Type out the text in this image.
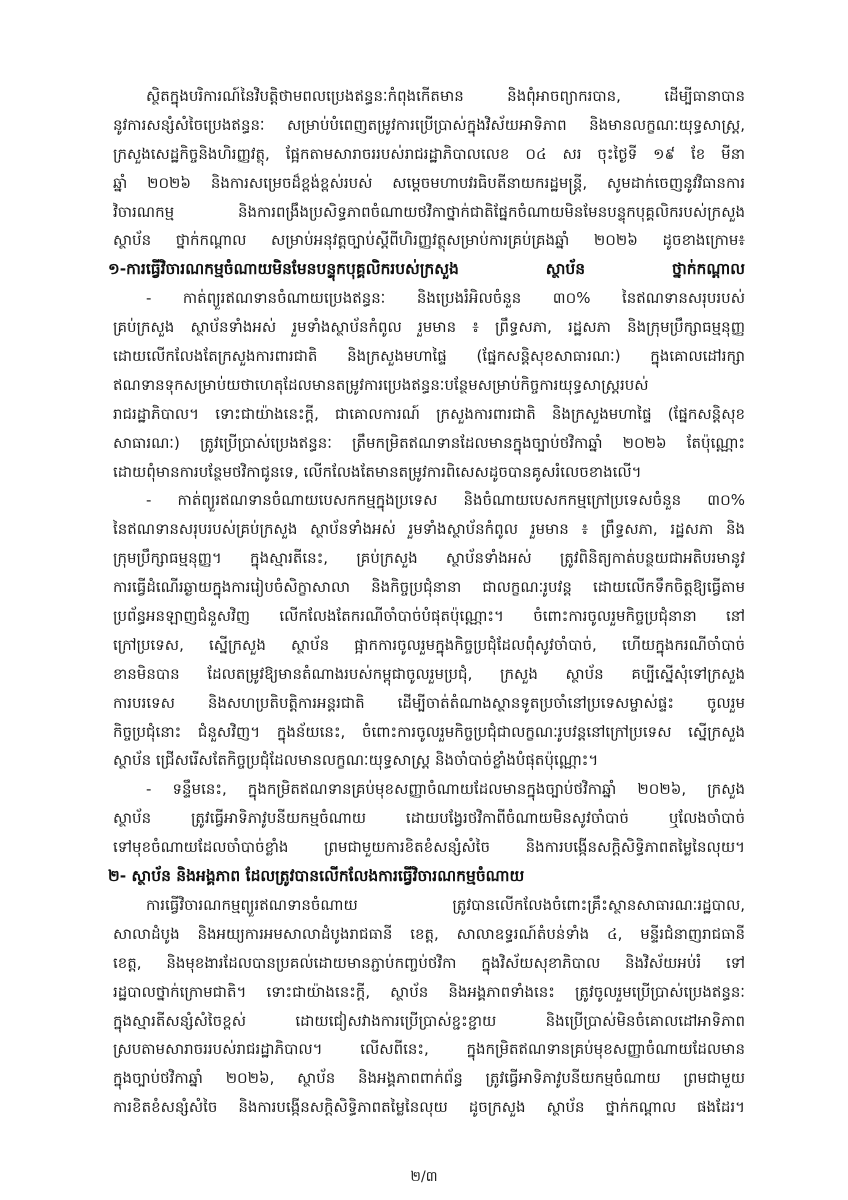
ស្ថិតក្នុងបរិការណ៍នៃវិបត្តិថាមពលប្រេងឥន្ធនៈកំពុងកើតមាន និងពុំអាចព្យាករបាន, ដើម្បីធានាបាន
នូវការសន្សំសំចៃប្រេងឥន្ធនៈ សម្រាប់បំពេញតម្រូវការប្រើប្រាស់ក្នុងវិស័យអាទិភាព និងមានលក្ខណៈយុទ្ធសាស្ត្រ,
ក្រសួងសេដ្ឋកិច្ចនិងហិរញ្ញវត្ថុ, ផ្អែកតាមសារាចររបស់រាជរដ្ឋាភិបាលលេខ ០៤ សរ ចុះថ្ងៃទី ១៩ ខែ មីនា
ឆ្នាំ ២០២៦ និងការសម្រេចដ៏ខ្ពង់ខ្ពស់របស់ សម្តេចមហាបវរធិបតីនាយករដ្ឋមន្ត្រី, សូមដាក់ចេញនូវវិធានការ
វិចារណកម្ម និងការពង្រឹងប្រសិទ្ធភាពចំណាយថវិកាថ្នាក់ជាតិផ្នែកចំណាយមិនមែនបន្ទុកបុគ្គលិករបស់ក្រសួង
ស្ថាប័ន ថ្នាក់កណ្តាល សម្រាប់អនុវត្តច្បាប់ស្តីពីហិរញ្ញវត្ថុសម្រាប់ការគ្រប់គ្រងឆ្នាំ ២០២៦ ដូចខាងក្រោម៖
១-ការធ្វើវិចារណកម្មចំណាយមិនមែនបន្ទុកបុគ្គលិករបស់ក្រសួង ស្ថាប័ន ថ្នាក់កណ្តាល
- កាត់ព្យួរឥណទានចំណាយប្រេងឥន្ធនៈ និងប្រេងរំអិលចំនួន ៣០% នៃឥណទានសរុបរបស់
គ្រប់ក្រសួង ស្ថាប័នទាំងអស់ រួមទាំងស្ថាប័នកំពូល រួមមាន ៖ ព្រឹទ្ធសភា, រដ្ឋសភា និងក្រុមប្រឹក្សាធម្មនុញ្ញ
ដោយលើកលែងតែក្រសួងការពារជាតិ និងក្រសួងមហាផ្ទៃ (ផ្នែកសន្តិសុខសាធារណៈ) ក្នុងគោលដៅរក្សា
ឥណទានទុកសម្រាប់យថាហេតុដែលមានតម្រូវការប្រេងឥន្ធនៈបន្ថែមសម្រាប់កិច្ចការយុទ្ធសាស្ត្ររបស់
រាជរដ្ឋាភិបាល។ ទោះជាយ៉ាងនេះក្តី, ជាគោលការណ៍ ក្រសួងការពារជាតិ និងក្រសួងមហាផ្ទៃ (ផ្នែកសន្តិសុខ
សាធារណៈ) ត្រូវប្រើប្រាស់ប្រេងឥន្ធនៈ ត្រឹមកម្រិតឥណទានដែលមានក្នុងច្បាប់ថវិកាឆ្នាំ ២០២៦ តែប៉ុណ្ណោះ
ដោយពុំមានការបន្ថែមថវិកាជូនទេ, លើកលែងតែមានតម្រូវការពិសេសដូចបានគូសរំលេចខាងលើ។
- កាត់ព្យួរឥណទានចំណាយបេសកកម្មក្នុងប្រទេស និងចំណាយបេសកកម្មក្រៅប្រទេសចំនួន ៣០%
នៃឥណទានសរុបរបស់គ្រប់ក្រសួង ស្ថាប័នទាំងអស់ រួមទាំងស្ថាប័នកំពូល រួមមាន ៖ ព្រឹទ្ធសភា, រដ្ឋសភា និង
ក្រុមប្រឹក្សាធម្មនុញ្ញ។ ក្នុងស្មារតីនេះ, គ្រប់ក្រសួង ស្ថាប័នទាំងអស់ ត្រូវពិនិត្យកាត់បន្ថយជាអតិបរមានូវ
ការធ្វើដំណើរឆ្ងាយក្នុងការរៀបចំសិក្ខាសាលា និងកិច្ចប្រជុំនានា ជាលក្ខណៈរូបវន្ត ដោយលើកទឹកចិត្តឱ្យធ្វើតាម
ប្រព័ន្ធអនឡាញជំនួសវិញ លើកលែងតែករណីចាំបាច់បំផុតប៉ុណ្ណោះ។ ចំពោះការចូលរួមកិច្ចប្រជុំនានា នៅ
ក្រៅប្រទេស, ស្នើក្រសួង ស្ថាប័ន ផ្អាកការចូលរួមក្នុងកិច្ចប្រជុំដែលពុំសូវចាំបាច់, ហើយក្នុងករណីចាំបាច់
ខានមិនបាន ដែលតម្រូវឱ្យមានតំណាងរបស់កម្ពុជាចូលរួមប្រជុំ, ក្រសួង ស្ថាប័ន គប្បីស្នើសុំទៅក្រសួង
ការបរទេស និងសហប្រតិបត្តិការអន្តរជាតិ ដើម្បីចាត់តំណាងស្ថានទូតប្រចាំនៅប្រទេសម្ចាស់ផ្ទះ ចូលរួម
កិច្ចប្រជុំនោះ ជំនួសវិញ។ ក្នុងន័យនេះ, ចំពោះការចូលរួមកិច្ចប្រជុំជាលក្ខណៈរូបវន្តនៅក្រៅប្រទេស ស្នើក្រសួង
ស្ថាប័ន ជ្រើសរើសតែកិច្ចប្រជុំដែលមានលក្ខណៈយុទ្ធសាស្ត្រ និងចាំបាច់ខ្លាំងបំផុតប៉ុណ្ណោះ។
- ទន្ទឹមនេះ, ក្នុងកម្រិតឥណទានគ្រប់មុខសញ្ញាចំណាយដែលមានក្នុងច្បាប់ថវិកាឆ្នាំ ២០២៦, ក្រសួង
ស្ថាប័ន ត្រូវធ្វើអាទិភាវូបនីយកម្មចំណាយ ដោយបង្វែរថវិកាពីចំណាយមិនសូវចាំបាច់ ឬលែងចាំបាច់
ទៅមុខចំណាយដែលចាំបាច់ខ្លាំង ព្រមជាមួយការខិតខំសន្សំសំចៃ និងការបង្កើនសក្តិសិទ្ធិភាពតម្លៃនៃលុយ។
២- ស្ថាប័ន និងអង្គភាព ដែលត្រូវបានលើកលែងការធ្វើវិចារណកម្មចំណាយ
ការធ្វើវិចារណកម្មព្យួរឥណទានចំណាយ ត្រូវបានលើកលែងចំពោះគ្រឹះស្ថានសាធារណៈរដ្ឋបាល,
សាលាដំបូង និងអយ្យការអមសាលាដំបូងរាជធានី ខេត្ត, សាលាឧទ្ធរណ៍តំបន់ទាំង ៤, មន្ទីរជំនាញរាជធានី
ខេត្ត, និងមុខងារដែលបានប្រគល់ដោយមានភ្ជាប់កញ្ចប់ថវិកា ក្នុងវិស័យសុខាភិបាល និងវិស័យអប់រំ ទៅ
រដ្ឋបាលថ្នាក់ក្រោមជាតិ។ ទោះជាយ៉ាងនេះក្តី, ស្ថាប័ន និងអង្គភាពទាំងនេះ ត្រូវចូលរួមប្រើប្រាស់ប្រេងឥន្ធនៈ
ក្នុងស្មារតីសន្សំសំចៃខ្ពស់ ដោយជៀសវាងការប្រើប្រាស់ខ្ជះខ្ជាយ និងប្រើប្រាស់មិនចំគោលដៅអាទិភាព
ស្របតាមសារាចររបស់រាជរដ្ឋាភិបាល។ លើសពីនេះ, ក្នុងកម្រិតឥណទានគ្រប់មុខសញ្ញាចំណាយដែលមាន
ក្នុងច្បាប់ថវិកាឆ្នាំ ២០២៦, ស្ថាប័ន និងអង្គភាពពាក់ព័ន្ធ ត្រូវធ្វើអាទិភាវូបនីយកម្មចំណាយ ព្រមជាមួយ
ការខិតខំសន្សំសំចៃ និងការបង្កើនសក្តិសិទ្ធិភាពតម្លៃនៃលុយ ដូចក្រសួង ស្ថាប័ន ថ្នាក់កណ្តាល ផងដែរ។
២/៣
